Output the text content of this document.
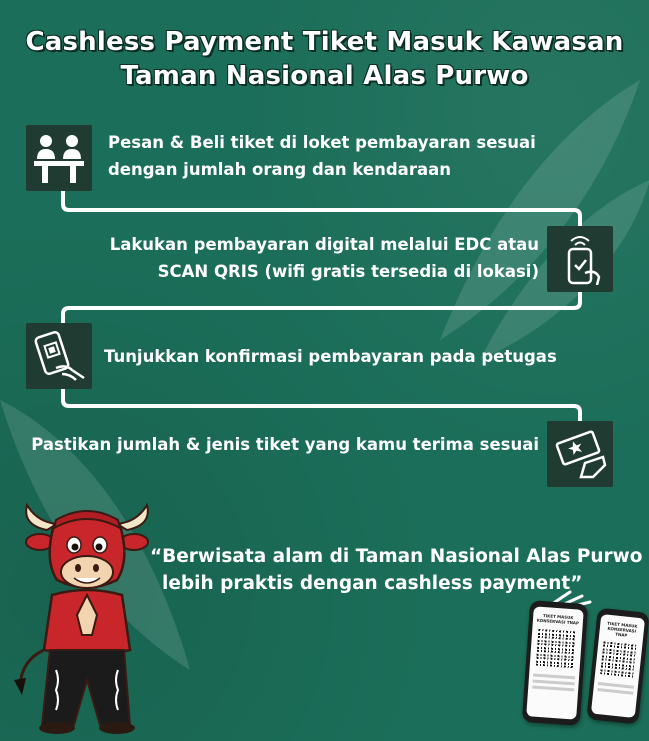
Cashless Payment Tiket Masuk Kawasan
Taman Nasional Alas Purwo
Pesan & Beli tiket di loket pembayaran sesuai
dengan jumlah orang dan kendaraan
Lakukan pembayaran digital melalui EDC atau
SCAN QRIS (wifi gratis tersedia di lokasi)
Tunjukkan konfirmasi pembayaran pada petugas
Pastikan jumlah & jenis tiket yang kamu terima sesuai
“Berwisata alam di Taman Nasional Alas Purwo
lebih praktis dengan cashless payment”
TIKET MASUK KONSERVASI TNAP	TIKET MASUK KONSERVASI TNAP
